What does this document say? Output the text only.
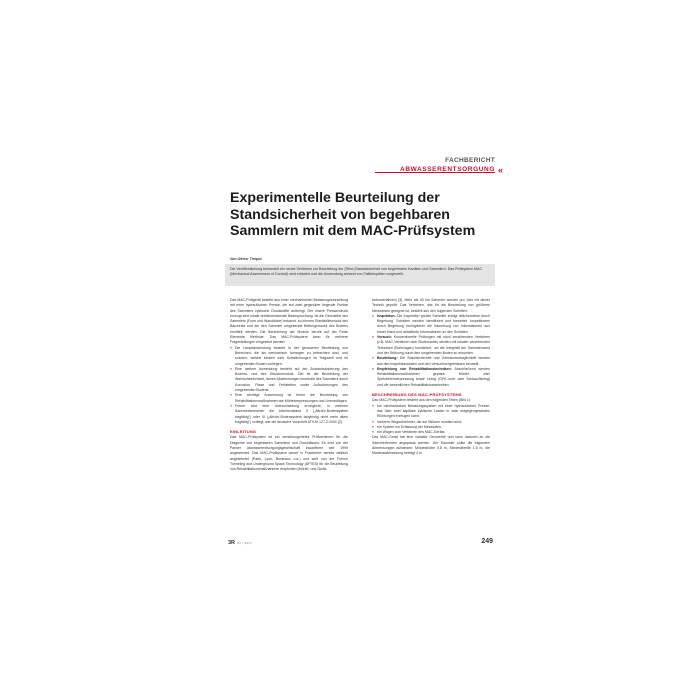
FACHBERICHT
ABWASSERENTSORGUNG «
Experimentelle Beurteilung der Standsicherheit von begehbaren Sammlern mit dem MAC-Prüfsystem
Von Olivier Thépot
Die Veröffentlichung behandelt ein neues Verfahren zur Beurteilung der (Rest-)Standsicherheit von begehbaren Kanälen und Sammlern. Das Prüfsystem MAC (Mechanical Assessment of Conduit) wird erläutert und die Anwendung anhand von Fallbeispielen vorgestellt.

Das MAC-Prüfgerät besteht aus einer mechanischen Belastungseinrichtung mit einer hydraulischen Presse, die auf zwei gegenüber liegende Punkte des Sammlers zyklische Druckkräfte aufbringt. Der innere Pressendruck erzeugt eine lokale dreidimensionale Beanspruchung. Ist die Geometrie des Sammlers (Form und Wanddicke) bekannt, so können Elastizitätsmodul des Bauwerks und der den Sammler umgebende Bettungsmodul des Bodens ermittelt werden. Die Berechnung der Module beruht auf der Finite Elemente Methode. Das MAC-Prüfsystem kann für mehrere Fragestellungen eingesetzt werden:

» Die Hauptanwendung besteht in der genaueren Beurteilung von Bereichen, die als mechanisch homogen zu betrachten sind, und solchen, welche lokalen oder Schwächungen im Tragwerk und im umgebenden Boden vorliegen.
» Eine weitere Anwendung besteht auf der Zustandsänderung des Bodens- und des Strukturmoduls. Ziel ist die Beurteilung der Wahrscheinlichkeit, denen Abweichungen innerhalb des Sammlers durch Korrosion, Risse und Fehlstellen sowie Auflockerungen des umgebenden Bodens.
» Eine wichtige Anwendung ist ferner die Beurteilung von Rehabilitationsmaßnahmen wie Mörtelverpressungen und Linerauflagen.
» Ferner wird eine Unterscheidung ermöglicht, in welchen Sammlerbereichen die Altrohrzustand II („Altrohr-Bodensystem tragfähig") oder III („Altrohr-Bodensystem langfristig nicht mehr allein tragfähig") vorliegt, wie die deutsche Vorschrift ATV-M 127-2:2000 [2].
EINLEITUNG

Das MAC-Prüfsystem ist ein zerstörungsfreies Prüfverfahren für die Diagnose von begehbaren Sammlern und Durchlässen. Es wird von der Pariser Abwasserentsorgungsgesellschaft bauartform seit 1999 angewendet. Das MAC-Prüfsystem wurde in Frankreich bereits vielfach angewendet (Paris, Lyon, Bordeaux u.a.) und wird von der French Tunneling and Underground Space Technology (AFTES) für die Beurteilung von Rehabilitationsmaßnahmen empfohlen (Mörtel- und Spritz-

betonverfahren) [3]. Mehr als 40 km Sammler werden pro Jahr mit dieser Technik geprüft. Das Verfahren, das für die Beurteilung von größeren Netzweisen geeignet ist, besteht aus den folgenden Schritten:

» Inspektion: Die Inspektion großer Sammler erfolgt üblicherweise durch Begehung. Schäden werden identifiziert und bewertet. Inspektionen durch Begehung ermöglichen die Sammlung von Informationen aus erster Hand und detaillierte Informationen zu den Schäden.
» Versuch: Konventionelle Prüfungen mit nicht zerstörenden Verfahren (z.B. MAC-Verfahren oder Bodenradar) werden mit lokalen zerstörenden Techniken (Bohrungen) kombiniert, um die Integrität der Sammlerwand und der Stützung durch den umgebenden Boden zu erkunden.
» Beurteilung: Die Standsicherheit und Gebrauchstauglichkeit werden aus den Inspektionsdaten und den Versuchsergebnissen beurteilt.
» Empfehlung von Rehabilitationstechniken: Abschließend werden Rehabilitationsmaßnahmen geplant: Mörtel- oder Spritzbetonverpressung sowie Lining (GFK-Liner oder Schlauchlining) und die wesentlichen Rehabilitationstechniken.
BESCHREIBUNG DES MAC-PRÜFSYSTEMS

Das MAC-Prüfsystem besteht aus den folgenden Teilen (Bild 1):

» ein mechanisches Belastungssystem mit einer hydraulischen Presse, das über zwei kapillare zyklische Lasten in zwei entgegengesetzten Richtungen erzeugen kann;
» mehrere Wegaufnehmer, die auf Stützen montiert sind;
» ein System zur Erfassung der Messdaten;
» ein Wagen zum Verfahren des MAC-Geräts.

Das MAC-Gerät hat eine variable Geometrie und kann dadurch an die Sammlerformen angepasst werden. Der Sammler sollte die folgenden Abmessungen aufweisen: Mindesthöhe 0,8 m, Mindestbreite 1,5 m, die Maximalabmessung beträgt 4 m.

3R 04 | 2017	249
